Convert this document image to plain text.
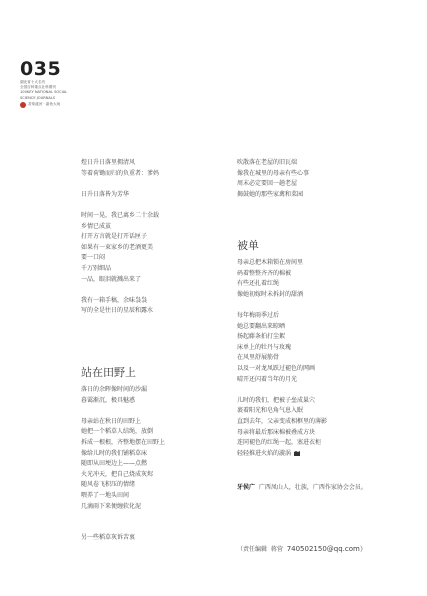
035
湖北省十大名刊
全国百种重点社科期刊
100KEY NATIONAL SOCIAL
SCIENCE JOURNALS
香象渡河 · 嘉鱼大场
煜日升日落里拥清风
等着荷锄而归的负重者：爹妈
日升日落皆为芳华
时间一晃，我已离乡二十余载
乡情已成茧
打开方言就是打开话匣子
如果有一束家乡的老酒更美
要一口闷
千万别细品
一品，眼泪就溅出来了
我有一箱手稿，余味袅袅
写的全是往日的星辰和露水
站在田野上
落日的余晖像时间的沙漏
暮霭渐沉，极具魅惑
母亲站在秋日的田野上
她把一个稻草人结绳，放倒
拆成一根根，齐整地摆在田野上
像给儿时的我们铺稻草床
随即从田埂边上——点燃
火光冲天，把自己烧成灰烬
随风卷飞积压的情绪
喂养了一地头田间
几滴雨下来便缠软化泥
另一些稻草灰诉苦衷
吹散落在老屋的旧瓦端
像我在城里的母亲有些心事
周末必定要回一趟老屋
揭鼓她的那些家禽和菜园
被单
母亲总把木箱锁在房间里
码着整整齐齐的棉被
有些还扎着红绳
像她初嫁时未拆封的甜酒
每年梅雨季过后
她总要翻出来晾晒
扬起藤条拍打尘絮
床单上的牡丹与玫瑰
在风里舒展筋骨
以及一对龙凤跃过褪色的网画
晴开还闪着当年的月光
儿时的我们，把被子垒成巢穴
裹着阳光和皂角气息入眠
直到去年，父亲变成相框里的薄影
母亲将最后那床棉被叠成方块
连同褪色的红绳一起，塞进衣柜
轻轻推进火焰的漩涡
牙侯广 广西凤山人，壮族，广西作家协会会员。
（责任编辑 蒋营 740502150@qq.com）
